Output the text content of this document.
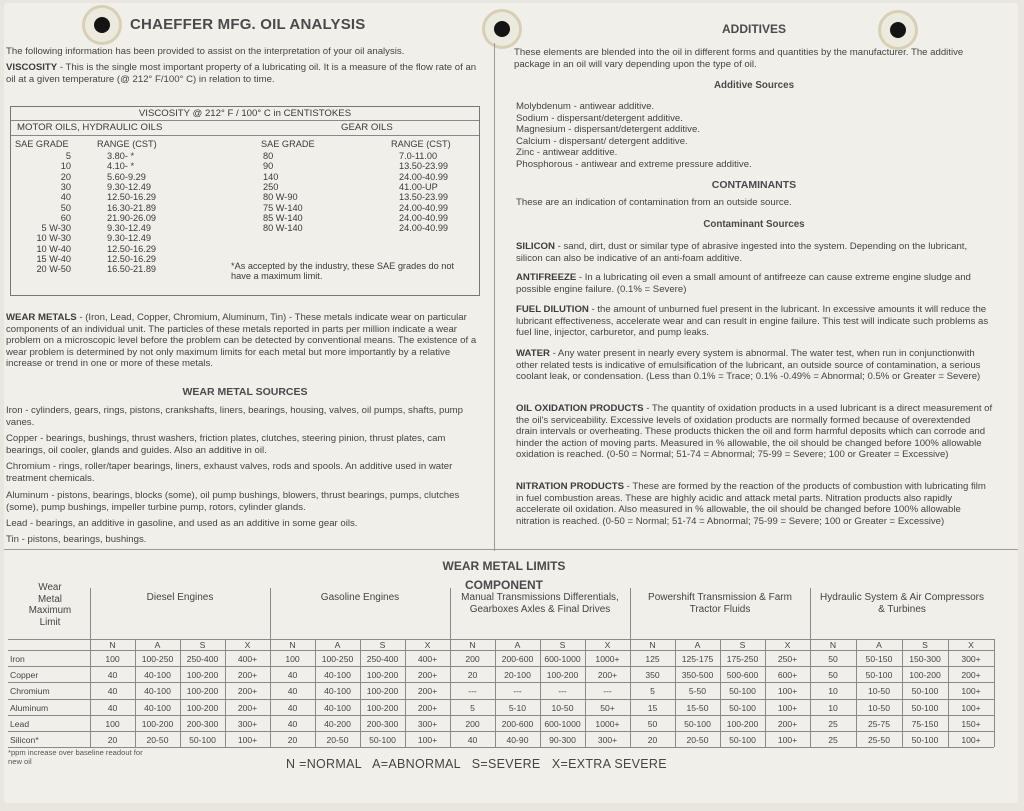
CHAEFFER MFG. OIL ANALYSIS
The following information has been provided to assist on the interpretation of your oil analysis.
VISCOSITY - This is the single most important property of a lubricating oil. It is a measure of the flow rate of an oil at a given temperature (@ 212° F/100° C) in relation to time.
VISCOSITY @ 212° F / 100° C in CENTISTOKES
MOTOR OILS, HYDRAULIC OILS	GEAR OILS
SAE GRADE	RANGE (CST)	SAE GRADE	RANGE (CST)
5	3.80- *
10	4.10- *
20	5.60-9.29
30	9.30-12.49
40	12.50-16.29
50	16.30-21.89
60	21.90-26.09
5 W-30	9.30-12.49
10 W-30	9.30-12.49
10 W-40	12.50-16.29
15 W-40	12.50-16.29
20 W-50	16.50-21.89
80	7.0-11.00
90	13.50-23.99
140	24.00-40.99
250	41.00-UP
80 W-90	13.50-23.99
75 W-140	24.00-40.99
85 W-140	24.00-40.99
80 W-140	24.00-40.99
*As accepted by the industry, these SAE grades do not have a maximum limit.
WEAR METALS - (Iron, Lead, Copper, Chromium, Aluminum, Tin) - These metals indicate wear on particular components of an individual unit. The particles of these metals reported in parts per million indicate a wear problem on a microscopic level before the problem can be detected by conventional means. The existence of a wear problem is determined by not only maximum limits for each metal but more importantly by a relative increase or trend in one or more of these metals.
WEAR METAL SOURCES
Iron - cylinders, gears, rings, pistons, crankshafts, liners, bearings, housing, valves, oil pumps, shafts, pump vanes.
Copper - bearings, bushings, thrust washers, friction plates, clutches, steering pinion, thrust plates, cam bearings, oil cooler, glands and guides. Also an additive in oil.
Chromium - rings, roller/taper bearings, liners, exhaust valves, rods and spools. An additive used in water treatment chemicals.
Aluminum - pistons, bearings, blocks (some), oil pump bushings, blowers, thrust bearings, pumps, clutches (some), pump bushings, impeller turbine pump, rotors, cylinder glands.
Lead - bearings, an additive in gasoline, and used as an additive in some gear oils.
Tin - pistons, bearings, bushings.
ADDITIVES
These elements are blended into the oil in different forms and quantities by the manufacturer. The additive package in an oil will vary depending upon the type of oil.
Additive Sources
Molybdenum - antiwear additive.
Sodium - dispersant/detergent additive.
Magnesium - dispersant/detergent additive.
Calcium - dispersant/ detergent additive.
Zinc - antiwear additive.
Phosphorous - antiwear and extreme pressure additive.
CONTAMINANTS
These are an indication of contamination from an outside source.
Contaminant Sources
SILICON - sand, dirt, dust or similar type of abrasive ingested into the system. Depending on the lubricant, silicon can also be indicative of an anti-foam additive.
ANTIFREEZE - In a lubricating oil even a small amount of antifreeze can cause extreme engine sludge and possible engine failure. (0.1% = Severe)
FUEL DILUTION - the amount of unburned fuel present in the lubricant. In excessive amounts it will reduce the lubricant effectiveness, accelerate wear and can result in engine failure. This test will indicate such problems as fuel line, injector, carburetor, and pump leaks.
WATER - Any water present in nearly every system is abnormal. The water test, when run in conjunctionwith other related tests is indicative of emulsification of the lubricant, an outside source of contamination, a serious coolant leak, or condensation. (Less than 0.1% = Trace; 0.1% -0.49% = Abnormal; 0.5% or Greater = Severe)
OIL OXIDATION PRODUCTS - The quantity of oxidation products in a used lubricant is a direct measurement of the oil's serviceability. Excessive levels of oxidation products are normally formed because of overextended drain intervals or overheating. These products thicken the oil and form harmful deposits which can corrode and hinder the action of moving parts. Measured in % allowable, the oil should be changed before 100% allowable oxidation is reached. (0-50 = Normal; 51-74 = Abnormal; 75-99 = Severe; 100 or Greater = Excessive)
NITRATION PRODUCTS - These are formed by the reaction of the products of combustion with lubricating film in fuel combustion areas. These are highly acidic and attack metal parts. Nitration products also rapidly accelerate oil oxidation. Also measured in % allowable, the oil should be changed before 100% allowable nitration is reached. (0-50 = Normal; 51-74 = Abnormal; 75-99 = Severe; 100 or Greater = Excessive)
WEAR METAL LIMITS
COMPONENT
Wear Metal Maximum Limit
Diesel Engines	Gasoline Engines	Manual Transmissions Differentials, Gearboxes Axles & Final Drives
Powershift Transmission & Farm Tractor Fluids
Hydraulic System & Air Compressors & Turbines
N	A	S	X	N	A	S	X	N	A	S	X	N	A	S	X	N	A	S	X
Iron	100	100-250	250-400	400+	100	100-250	250-400	400+	200	200-600	600-1000	1000+	125	125-175	175-250	250+	50	50-150	150-300	300+
Copper	40	40-100	100-200	200+	40	40-100	100-200	200+	20	20-100	100-200	200+	350	350-500	500-600	600+	50	50-100	100-200	200+
Chromium	40	40-100	100-200	200+	40	40-100	100-200	200+	---	---	---	---	5	5-50	50-100	100+	10	10-50	50-100	100+
Aluminum	40	40-100	100-200	200+	40	40-100	100-200	200+	5	5-10	10-50	50+	15	15-50	50-100	100+	10	10-50	50-100	100+
Lead	100	100-200	200-300	300+	40	40-200	200-300	300+	200	200-600	600-1000	1000+	50	50-100	100-200	200+	25	25-75	75-150	150+
Silicon*	20	20-50	50-100	100+	20	20-50	50-100	100+	40	40-90	90-300	300+	20	20-50	50-100	100+	25	25-50	50-100	100+
*ppm increase over baseline readout for new oil	N =NORMAL   A=ABNORMAL   S=SEVERE   X=EXTRA SEVERE
